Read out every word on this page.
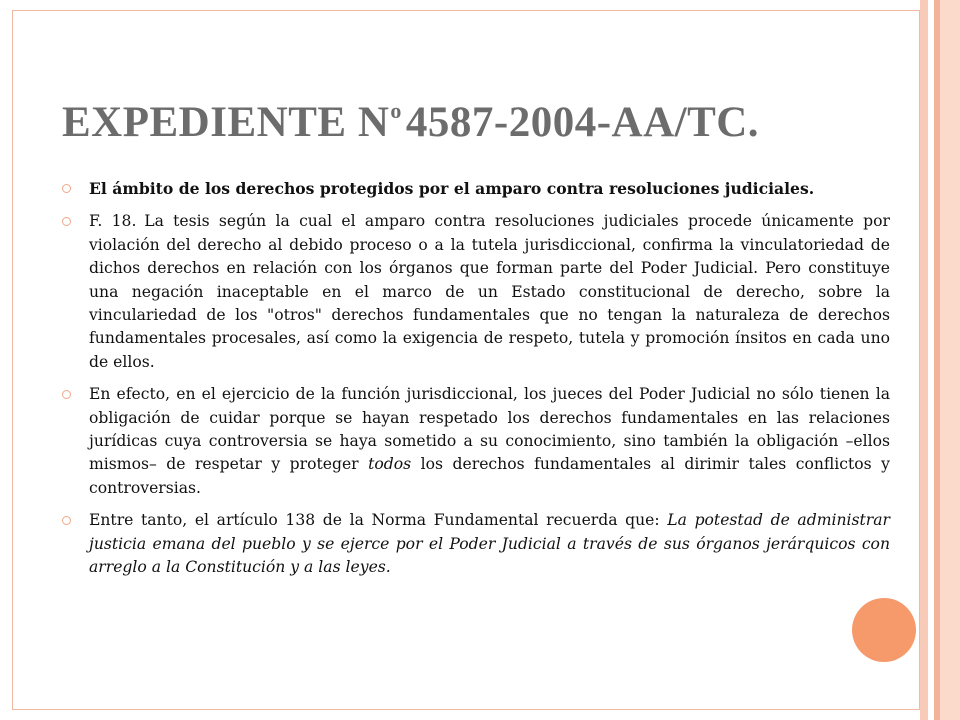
EXPEDIENTE $N^o4587-2004-AA/TC$.
El ámbito de los derechos protegidos por el amparo contra resoluciones judiciales.
F. 18. La tesis según la cual el amparo contra resoluciones judiciales procede únicamente por violación del derecho al debido proceso o a la tutela jurisdiccional, confirma la vinculatoriedad de dichos derechos en relación con los órganos que forman parte del Poder Judicial. Pero constituye una negación inaceptable en el marco de un Estado constitucional de derecho, sobre la vinculariedad de los "otros" derechos fundamentales que no tengan la naturaleza de derechos fundamentales procesales, así como la exigencia de respeto, tutela y promoción ínsitos en cada uno de ellos.
En efecto, en el ejercicio de la función jurisdiccional, los jueces del Poder Judicial no sólo tienen la obligación de cuidar porque se hayan respetado los derechos fundamentales en las relaciones jurídicas cuya controversia se haya sometido a su conocimiento, sino también la obligación –ellos mismos– de respetar y proteger todos los derechos fundamentales al dirimir tales conflictos y controversias.
Entre tanto, el artículo 138 de la Norma Fundamental recuerda que: La potestad de administrar justicia emana del pueblo y se ejerce por el Poder Judicial a través de sus órganos jerárquicos con arreglo a la Constitución y a las leyes.
